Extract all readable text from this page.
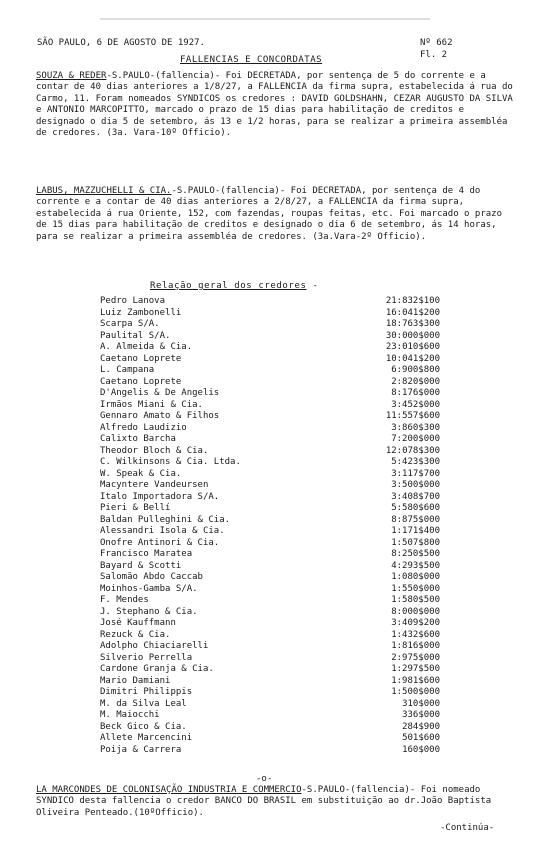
SÃO PAULO, 6 DE AGOSTO DE 1927.	Nº 662
Fl. 2
FALLENCIAS E CONCORDATAS
SOUZA & REDER-S.PAULO-(fallencia)- Foi DECRETADA, por sentença de 5 do corrente e a contar de 40 dias anteriores a 1/8/27, a FALLENCIA da firma supra, estabelecida á rua do Carmo, 11. Foram nomeados SYNDICOS os credores : DAVID GOLDSHAHN, CEZAR AUGUSTO DA SILVA e ANTONIO MARCOPITTO, marcado o prazo de 15 dias para habilitação de creditos e designado o dia 5 de setembro, ás 13 e 1/2 horas, para se realizar a primeira assembléa de credores. (3a. Vara-10º Officio).
LABUS, MAZZUCHELLI & CIA.-S.PAULO-(fallencia)- Foi DECRETADA, por sentença de 4 do corrente e a contar de 40 dias anteriores a 2/8/27, a FALLENCIA da firma supra, estabelecida á rua Oriente, 152, com fazendas, roupas feitas, etc. Foi marcado o prazo de 15 dias para habilitação de creditos e designado o dia 6 de setembro, ás 14 horas, para se realizar a primeira assembléa de credores. (3a.Vara-2º Officio).
Relação geral dos credores -
Pedro Lanova	21:832$100
Luiz Zambonelli	16:041$200
Scarpa S/A.	18:763$300
Paulital S/A.	30:000$000
A. Almeida & Cia.	23:010$600
Caetano Loprete	10:041$200
L. Campana	6:900$800
Caetano Loprete	2:820$000
D'Angelis & De Angelis	8:176$000
Irmãos Miani & Cia.	3:452$000
Gennaro Amato & Filhos	11:557$600
Alfredo Laudizio	3:860$300
Calixto Barcha	7:200$000
Theodor Bloch & Cia.	12:078$300
C. Wilkinsons & Cia. Ltda.	5:423$300
W. Speak & Cia.	3:117$700
Macyntere Vandeursen	3:500$000
Italo Importadora S/A.	3:408$700
Pieri & Bellí	5:580$600
Baldan Pulleghini & Cia.	8:875$000
Alessandri Isola & Cia.	1:171$400
Onofre Antinori & Cia.	1:507$800
Francisco Maratea	8:250$500
Bayard & Scotti	4:293$500
Salomão Abdo Caccab	1:080$000
Moinhos-Gamba S/A.	1:550$000
F. Mendes	1:580$500
J. Stephano & Cia.	8:000$000
José Kauffmann	3:409$200
Rezuck & Cia.	1:432$600
Adolpho Chiaciarelli	1:816$000
Silverio Perrella	2:975$000
Cardone Granja & Cia.	1:297$500
Mario Damiani	1:981$600
Dimitri Philippis	1:500$000
M. da Silva Leal	310$000
M. Maiocchi	336$000
Beck Gico & Cia.	284$900
Allete Marcencini	501$600
Poija & Carrera	160$000
-o-
LA MARCONDES DE COLONISAÇÃO INDUSTRIA E COMMERCIO-S.PAULO-(fallencia)- Foi nomeado SYNDICO desta fallencia o credor BANCO DO BRASIL em substituição ao dr.João Baptista Oliveira Penteado.(10ºOfficio).
-Continúa-
